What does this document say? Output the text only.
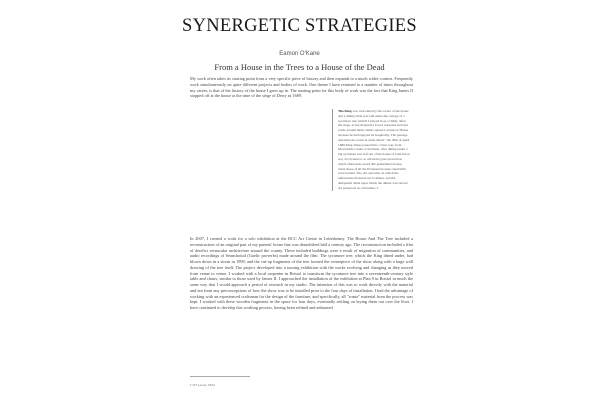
SYNERGETIC STRATEGIES
Eamon O'Kane
From a House in the Trees to a House of the Dead
My work often takes its starting point from a very specific piece of history and then expands to a much wider context. Frequently work simultaneously on quite different projects and bodies of work. One theme I have returned to a number of times throughout my career, is that of the history of the house I grew up in. The starting point for this body of work was the fact that King James II stopped off at the house at the time of the siege of Derry in 1689.
The King was welcomed by the owner of the house and a dining table was laid under the canopy of a sycamore tree (which I played in as a child). After the siege, as the monarch's forces retreated and laid waste around them, James spared Cavanacor House because he had enjoyed its hospitality. The passage describes the event in some detail: "On 20th of April 1689 King James passed thro' on his way from Movanville Castle to Strabane, after dining under a big sycamore tree in front of the house of John Keon esq. at Cavanacor, to whom he gave protection, which afterwards saved this gentleman's house, when those of all the Protestant houses round him were burned. The old oak table on which the unfortunate monarch sat to dinner, and the antiquated china upon which the dinner was served are preserved as curiosities."1
In 2007, I created a work for a solo exhibition at the RCC Art Centre in Letterkenny. The House And The Tree included a reconstruction of an original part of my parents' house that was demolished half a century ago. The reconstruction included a film of derelict vernacular architecture around the county. These included buildings were a result of migration of communities, and audio recordings of Seanchoiuil (Gaelic proverbs) made around the film. The sycamore tree, which the King dined under, had blown down in a storm in 1999, and the cut-up fragments of the tree formed the centrepiece of the show along with a large wall drawing of the tree itself. The project developed into a touring exhibition with the works evolving and changing as they moved from venue to venue. I worked with a local carpenter in Bristol to transform the sycamore tree into a seventeenth-century style table and chairs, similar to those used by James II. I approached the installation of the exhibition at Plan 9 in Bristol in much the same way that I would approach a period of research in my studio. The intention of this was to work directly with the material and not form any preconceptions of how the show was to be installed prior to the four days of installation. I had the advantage of working with an experienced craftsman for the design of the furniture, and specifically, all "waste" material from the process was kept. I worked with these wooden fragments in the space for four days, eventually settling on laying them out over the floor. I have continued to develop this working process, having been refined and enhanced
1 WT Lenett, 1823
